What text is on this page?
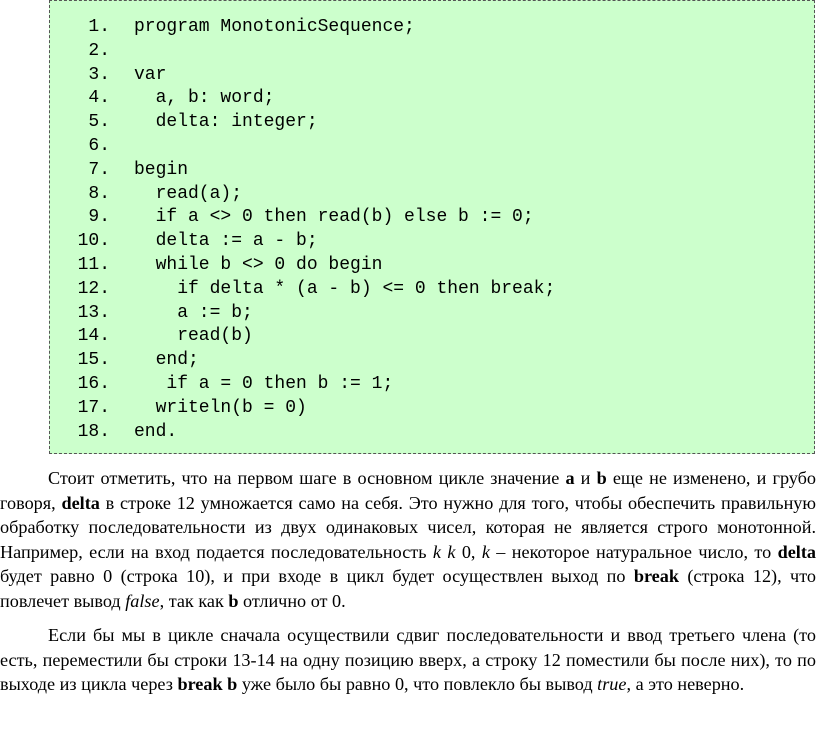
1. program MonotonicSequence;
2.
3. var
4.  a, b: word;
5.  delta: integer;
6.
7. begin
8.  read(a);
9.  if a <> 0 then read(b) else b := 0;
10.  delta := a - b;
11.  while b <> 0 do begin
12.    if delta * (a - b) <= 0 then break;
13.    a := b;
14.    read(b)
15.  end;
16.   if a = 0 then b := 1;
17.  writeln(b = 0)
18. end.

Стоит отметить, что на первом шаге в основном цикле значение a и b еще не изменено, и грубо говоря, delta в строке 12 умножается само на себя. Это нужно для того, чтобы обеспечить правильную обработку последовательности из двух одинаковых чисел, которая не является строго монотонной. Например, если на вход подается последовательность k k 0, k – некоторое натуральное число, то delta будет равно 0 (строка 10), и при входе в цикл будет осуществлен выход по break (строка 12), что повлечет вывод false, так как b отлично от 0.

Если бы мы в цикле сначала осуществили сдвиг последовательности и ввод третьего члена (то есть, переместили бы строки 13-14 на одну позицию вверх, а строку 12 поместили бы после них), то по выходе из цикла через break b уже было бы равно 0, что повлекло бы вывод true, а это неверно.
